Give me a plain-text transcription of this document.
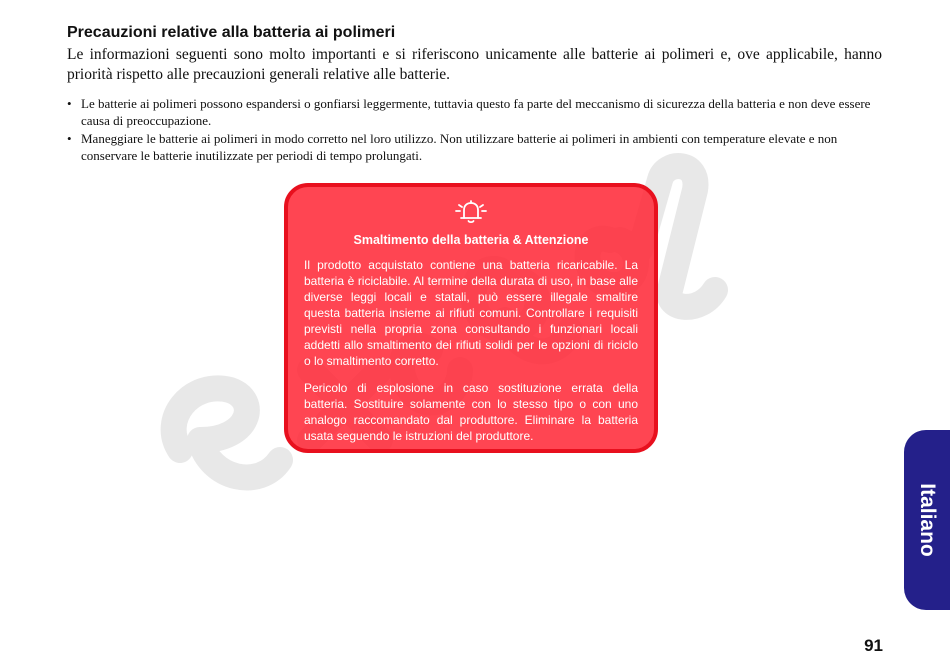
Precauzioni relative alla batteria ai polimeri

Le informazioni seguenti sono molto importanti e si riferiscono unicamente alle batterie ai polimeri e, ove applicabile, hanno priorità rispetto alle precauzioni generali relative alle batterie.

• Le batterie ai polimeri possono espandersi o gonfiarsi leggermente, tuttavia questo fa parte del meccanismo di sicurezza della batteria e non deve essere causa di preoccupazione.
• Maneggiare le batterie ai polimeri in modo corretto nel loro utilizzo. Non utilizzare batterie ai polimeri in ambienti con temperature elevate e non conservare le batterie inutilizzate per periodi di tempo prolungati.
Smaltimento della batteria & Attenzione

Il prodotto acquistato contiene una batteria ricaricabile. La batteria è riciclabile. Al termine della durata di uso, in base alle diverse leggi locali e statali, può essere illegale smaltire questa batteria insieme ai rifiuti comuni. Controllare i requisiti previsti nella propria zona consultando i funzionari locali addetti allo smaltimento dei rifiuti solidi per le opzioni di riciclo o lo smaltimento corretto.

Pericolo di esplosione in caso sostituzione errata della batteria. Sostituire solamente con lo stesso tipo o con uno analogo raccomandato dal produttore. Eliminare la batteria usata seguendo le istruzioni del produttore.

Italiano
91
